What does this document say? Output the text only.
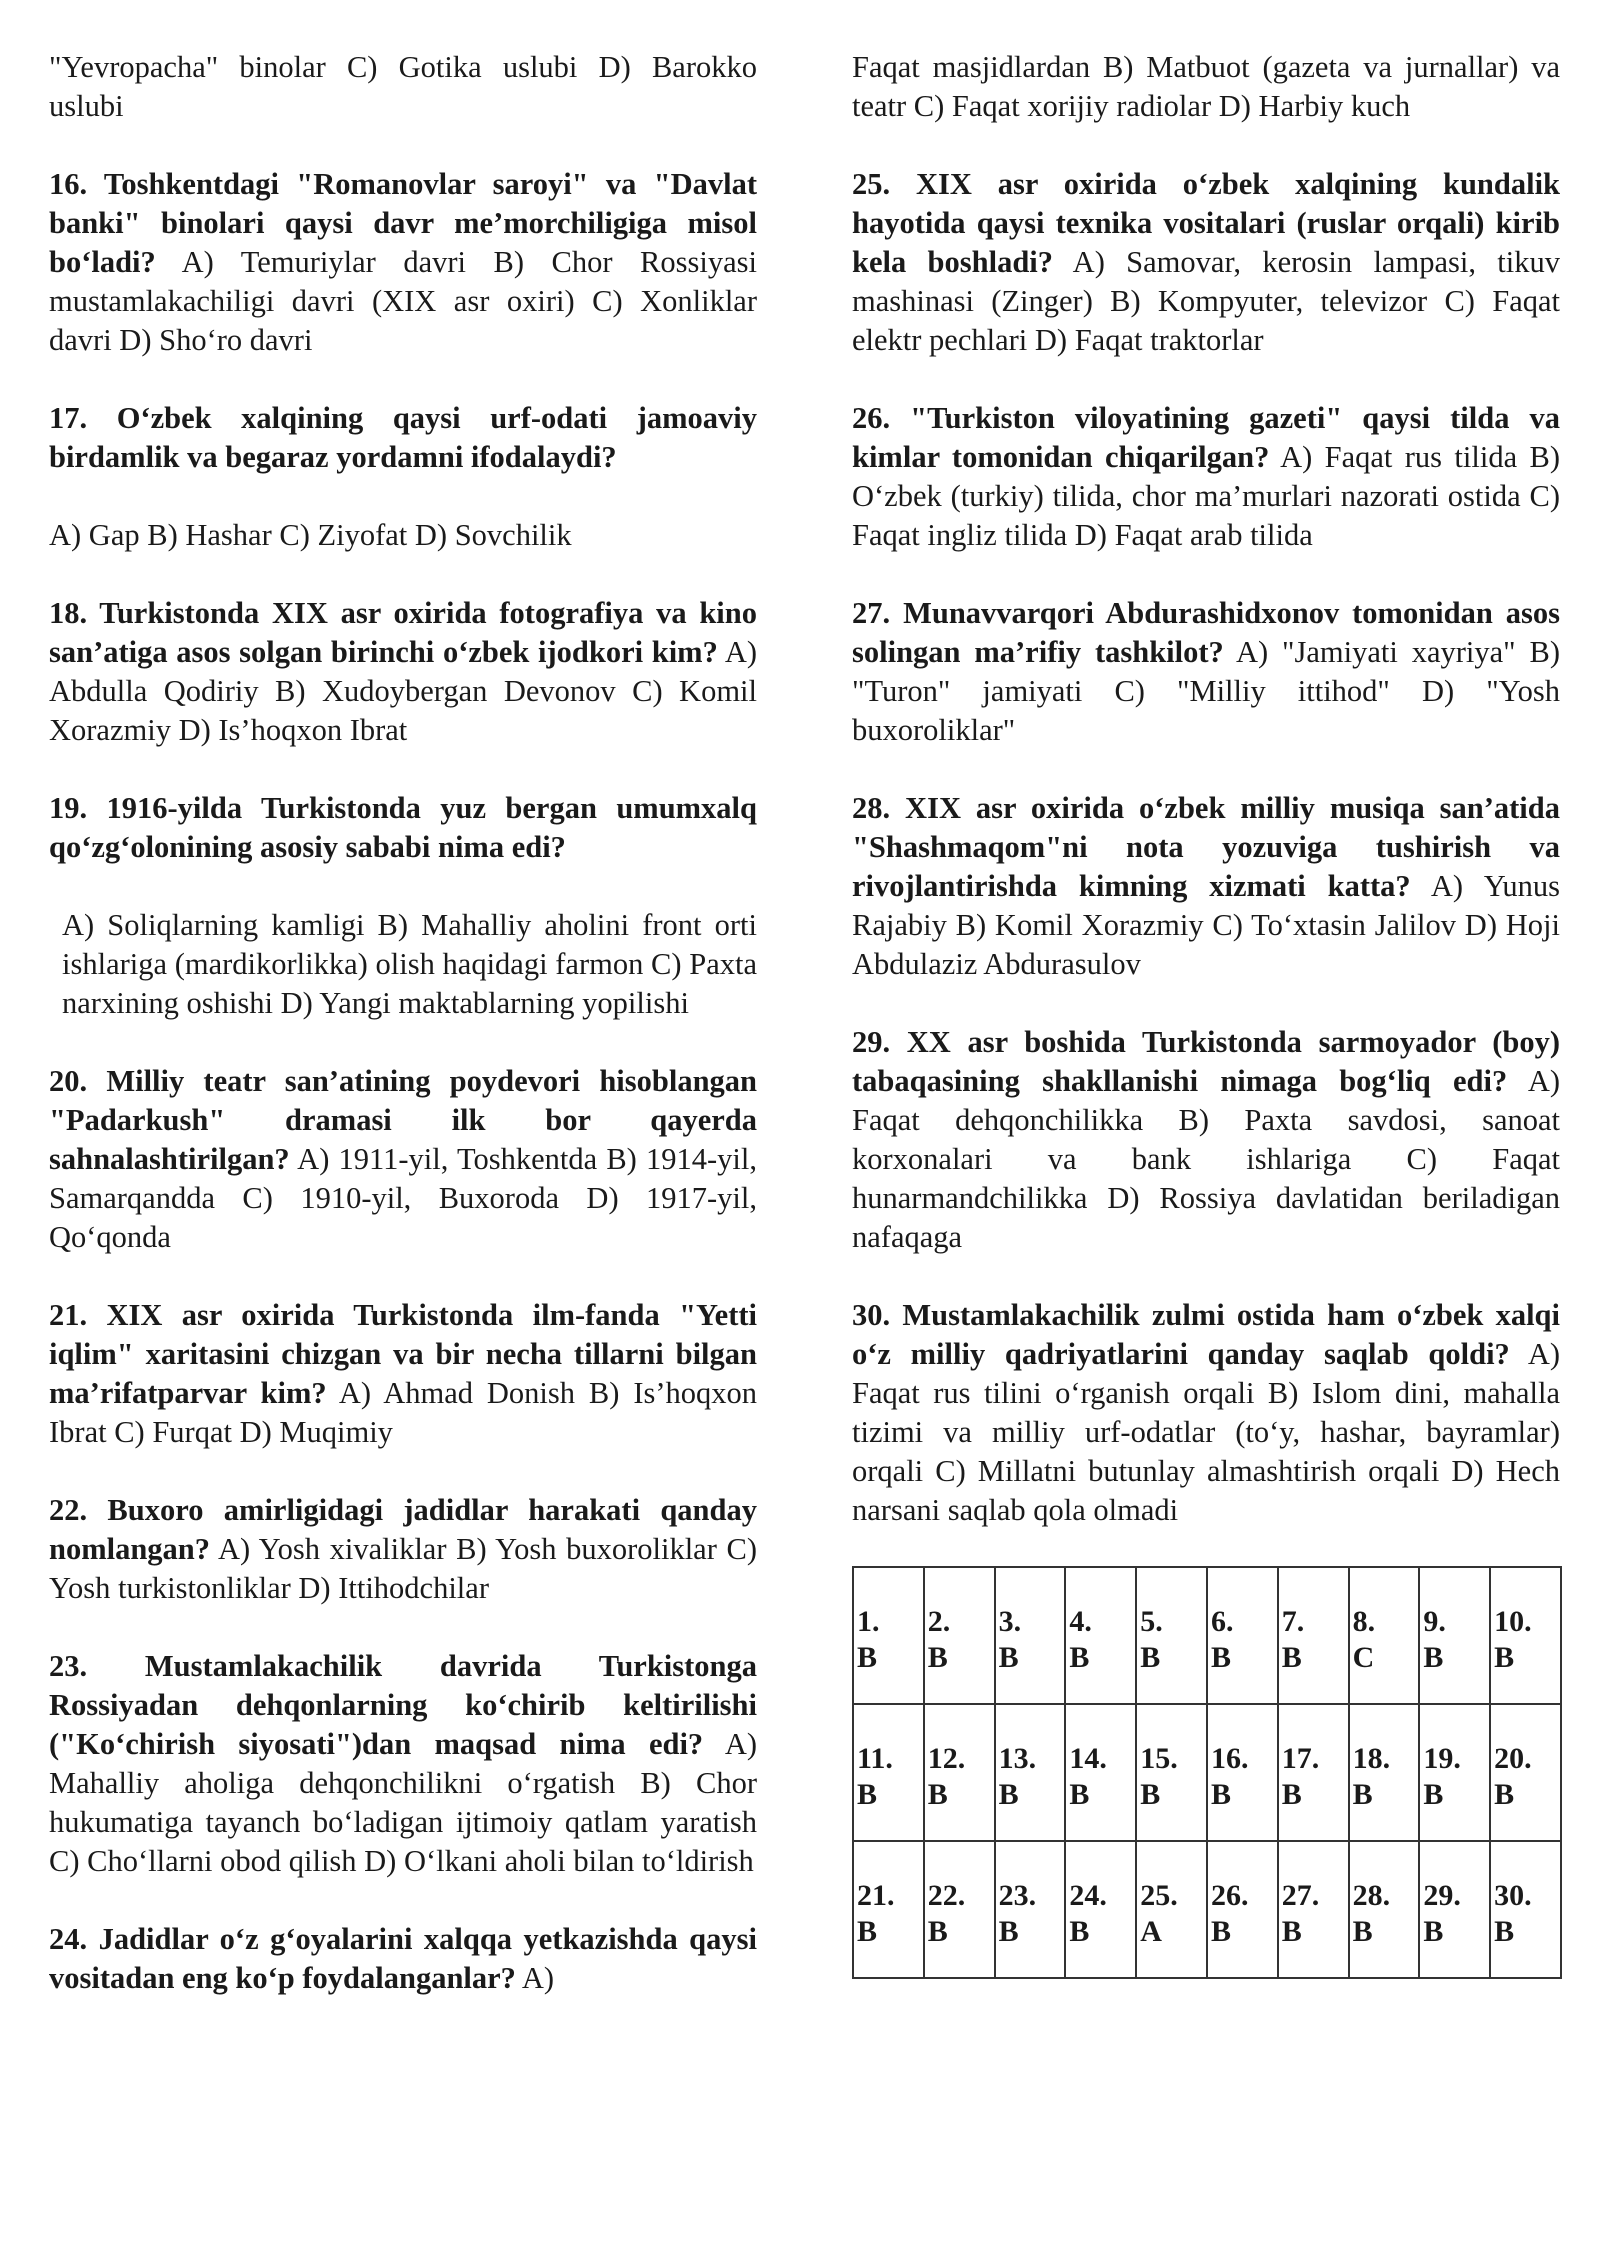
"Yevropacha" binolar C) Gotika uslubi D) Barokko uslubi

16. Toshkentdagi "Romanovlar saroyi" va "Davlat banki" binolari qaysi davr me’morchiligiga misol bo‘ladi? A) Temuriylar davri B) Chor Rossiyasi mustamlakachiligi davri (XIX asr oxiri) C) Xonliklar davri D) Sho‘ro davri

17. O‘zbek xalqining qaysi urf-odati jamoaviy birdamlik va begaraz yordamni ifodalaydi?

A) Gap B) Hashar C) Ziyofat D) Sovchilik

18. Turkistonda XIX asr oxirida fotografiya va kino san’atiga asos solgan birinchi o‘zbek ijodkori kim? A) Abdulla Qodiriy B) Xudoybergan Devonov C) Komil Xorazmiy D) Is’hoqxon Ibrat

19. 1916-yilda Turkistonda yuz bergan umumxalq qo‘zg‘olonining asosiy sababi nima edi?

A) Soliqlarning kamligi B) Mahalliy aholini front orti ishlariga (mardikorlikka) olish haqidagi farmon C) Paxta narxining oshishi D) Yangi maktablarning yopilishi

20. Milliy teatr san’atining poydevori hisoblangan "Padarkush" dramasi ilk bor qayerda sahnalashtirilgan? A) 1911-yil, Toshkentda B) 1914-yil, Samarqandda C) 1910-yil, Buxoroda D) 1917-yil, Qo‘qonda

21. XIX asr oxirida Turkistonda ilm-fanda "Yetti iqlim" xaritasini chizgan va bir necha tillarni bilgan ma’rifatparvar kim? A) Ahmad Donish B) Is’hoqxon Ibrat C) Furqat D) Muqimiy

22. Buxoro amirligidagi jadidlar harakati qanday nomlangan? A) Yosh xivaliklar B) Yosh buxoroliklar C) Yosh turkistonliklar D) Ittihodchilar

23. Mustamlakachilik davrida Turkistonga Rossiyadan dehqonlarning ko‘chirib keltirilishi ("Ko‘chirish siyosati")dan maqsad nima edi? A) Mahalliy aholiga dehqonchilikni o‘rgatish B) Chor hukumatiga tayanch bo‘ladigan ijtimoiy qatlam yaratish C) Cho‘llarni obod qilish D) O‘lkani aholi bilan to‘ldirish

24. Jadidlar o‘z g‘oyalarini xalqqa yetkazishda qaysi vositadan eng ko‘p foydalanganlar? A)

Faqat masjidlardan B) Matbuot (gazeta va jurnallar) va teatr C) Faqat xorijiy radiolar D) Harbiy kuch

25. XIX asr oxirida o‘zbek xalqining kundalik hayotida qaysi texnika vositalari (ruslar orqali) kirib kela boshladi? A) Samovar, kerosin lampasi, tikuv mashinasi (Zinger) B) Kompyuter, televizor C) Faqat elektr pechlari D) Faqat traktorlar

26. "Turkiston viloyatining gazeti" qaysi tilda va kimlar tomonidan chiqarilgan? A) Faqat rus tilida B) O‘zbek (turkiy) tilida, chor ma’murlari nazorati ostida C) Faqat ingliz tilida D) Faqat arab tilida

27. Munavvarqori Abdurashidxonov tomonidan asos solingan ma’rifiy tashkilot? A) "Jamiyati xayriya" B) "Turon" jamiyati C) "Milliy ittihod" D) "Yosh buxoroliklar"

28. XIX asr oxirida o‘zbek milliy musiqa san’atida "Shashmaqom"ni nota yozuviga tushirish va rivojlantirishda kimning xizmati katta? A) Yunus Rajabiy B) Komil Xorazmiy C) To‘xtasin Jalilov D) Hoji Abdulaziz Abdurasulov

29. XX asr boshida Turkistonda sarmoyador (boy) tabaqasining shakllanishi nimaga bog‘liq edi? A) Faqat dehqonchilikka B) Paxta savdosi, sanoat korxonalari va bank ishlariga C) Faqat hunarmandchilikka D) Rossiya davlatidan beriladigan nafaqaga

30. Mustamlakachilik zulmi ostida ham o‘zbek xalqi o‘z milliy qadriyatlarini qanday saqlab qoldi? A) Faqat rus tilini o‘rganish orqali B) Islom dini, mahalla tizimi va milliy urf-odatlar (to‘y, hashar, bayramlar) orqali C) Millatni butunlay almashtirish orqali D) Hech narsani saqlab qola olmadi

1.
B	2.
B	3.
B	4.
B	5.
B	6.
B	7.
B	8.
C	9.
B	10.
B

11.
B	12.
B	13.
B	14.
B	15.
B	16.
B	17.
B	18.
B	19.
B	20.
B

21.
B	22.
B	23.
B	24.
B	25.
A	26.
B	27.
B	28.
B	29.
B	30.
B
